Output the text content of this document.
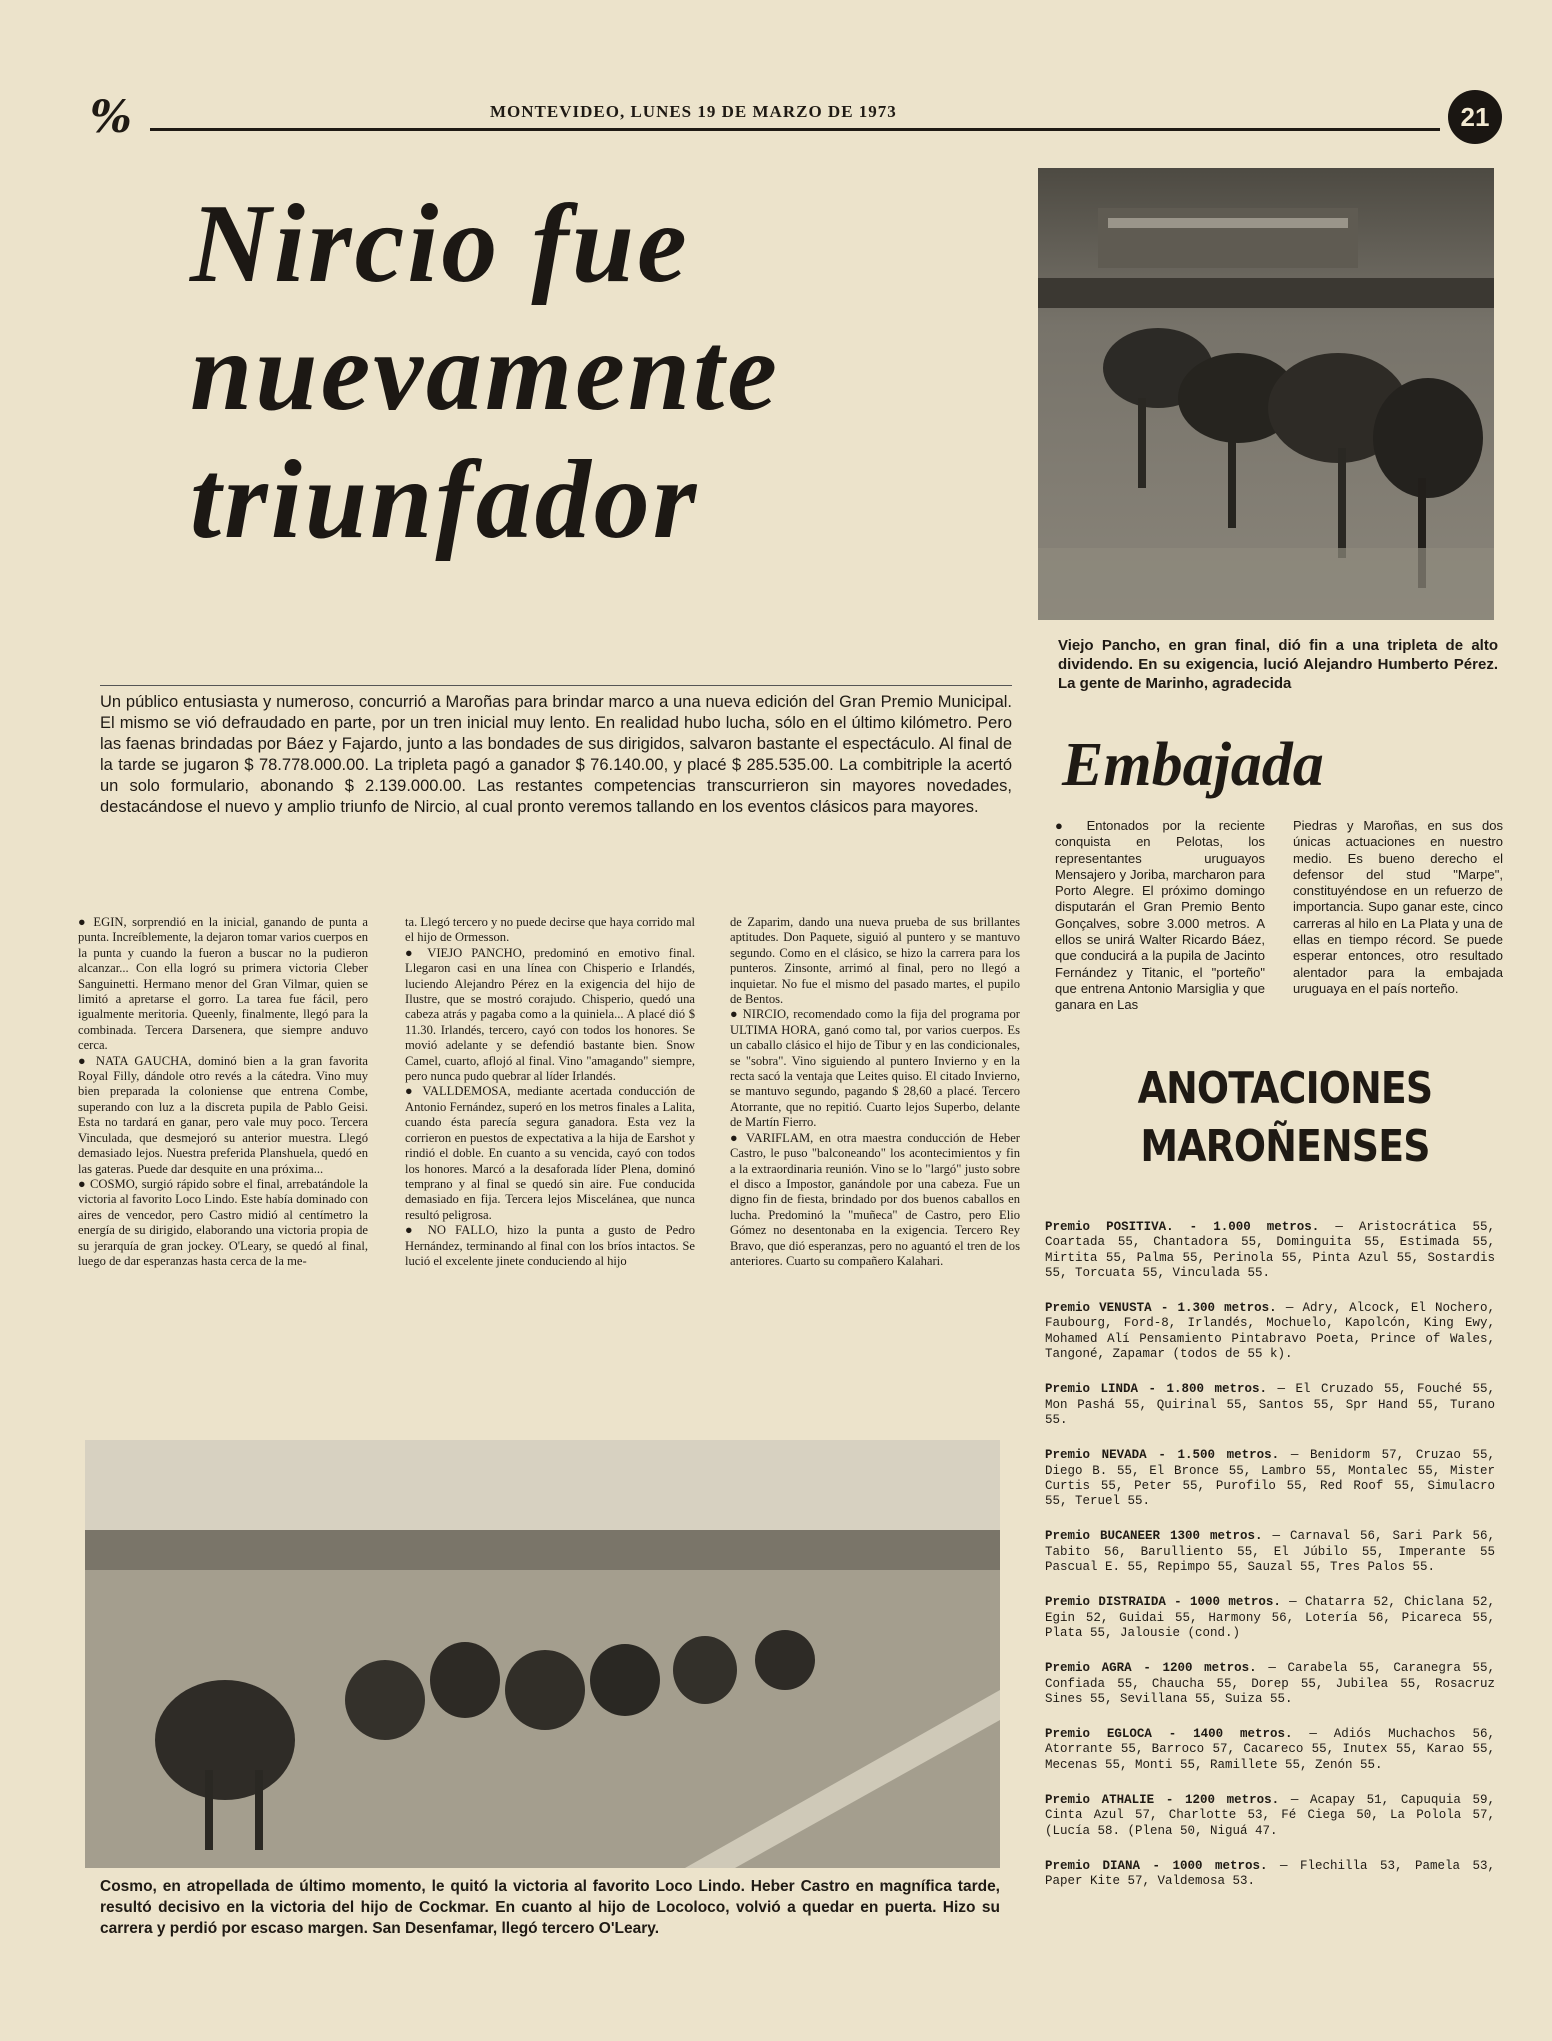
%	MONTEVIDEO, LUNES 19 DE MARZO DE 1973	21
Nircio fue
nuevamente
triunfador
Viejo Pancho, en gran final, dió fin a una tripleta de alto dividendo. En su exigencia, lució Alejandro Humberto Pérez. La gente de Marinho, agradecida
Un público entusiasta y numeroso, concurrió a Maroñas para brindar marco a una nueva edición del Gran Premio Municipal. El mismo se vió defraudado en parte, por un tren inicial muy lento. En realidad hubo lucha, sólo en el último kilómetro. Pero las faenas brindadas por Báez y Fajardo, junto a las bondades de sus dirigidos, salvaron bastante el espectáculo. Al final de la tarde se jugaron $ 78.778.000.00. La tripleta pagó a ganador $ 76.140.00, y placé $ 285.535.00. La combitriple la acertó un solo formulario, abonando $ 2.139.000.00. Las restantes competencias transcurrieron sin mayores novedades, destacándose el nuevo y amplio triunfo de Nircio, al cual pronto veremos tallando en los eventos clásicos para mayores.

● EGIN, sorprendió en la inicial, ganando de punta a punta. Increíblemente, la dejaron tomar varios cuerpos en la punta y cuando la fueron a buscar no la pudieron alcanzar... Con ella logró su primera victoria Cleber Sanguinetti. Hermano menor del Gran Vilmar, quien se limitó a apretarse el gorro. La tarea fue fácil, pero igualmente meritoria. Queenly, finalmente, llegó para la combinada. Tercera Darsenera, que siempre anduvo cerca.

● NATA GAUCHA, dominó bien a la gran favorita Royal Filly, dándole otro revés a la cátedra. Vino muy bien preparada la coloniense que entrena Combe, superando con luz a la discreta pupila de Pablo Geisi. Esta no tardará en ganar, pero vale muy poco. Tercera Vinculada, que desmejoró su anterior muestra. Llegó demasiado lejos. Nuestra preferida Planshuela, quedó en las gateras. Puede dar desquite en una próxima...

● COSMO, surgió rápido sobre el final, arrebatándole la victoria al favorito Loco Lindo. Este había dominado con aires de vencedor, pero Castro midió al centímetro la energía de su dirigido, elaborando una victoria propia de su jerarquía de gran jockey. O'Leary, se quedó al final, luego de dar esperanzas hasta cerca de la me-

ta. Llegó tercero y no puede decirse que haya corrido mal el hijo de Ormesson.

● VIEJO PANCHO, predominó en emotivo final. Llegaron casi en una línea con Chisperio e Irlandés, luciendo Alejandro Pérez en la exigencia del hijo de Ilustre, que se mostró corajudo. Chisperio, quedó una cabeza atrás y pagaba como a la quiniela... A placé dió $ 11.30. Irlandés, tercero, cayó con todos los honores. Se movió adelante y se defendió bastante bien. Snow Camel, cuarto, aflojó al final. Vino "amagando" siempre, pero nunca pudo quebrar al líder Irlandés.

● VALLDEMOSA, mediante acertada conducción de Antonio Fernández, superó en los metros finales a Lalita, cuando ésta parecía segura ganadora. Esta vez la corrieron en puestos de expectativa a la hija de Earshot y rindió el doble. En cuanto a su vencida, cayó con todos los honores. Marcó a la desaforada líder Plena, dominó temprano y al final se quedó sin aire. Fue conducida demasiado en fija. Tercera lejos Miscelánea, que nunca resultó peligrosa.

● NO FALLO, hizo la punta a gusto de Pedro Hernández, terminando al final con los bríos intactos. Se lució el excelente jinete conduciendo al hijo

de Zaparim, dando una nueva prueba de sus brillantes aptitudes. Don Paquete, siguió al puntero y se mantuvo segundo. Como en el clásico, se hizo la carrera para los punteros. Zinsonte, arrimó al final, pero no llegó a inquietar. No fue el mismo del pasado martes, el pupilo de Bentos.

● NIRCIO, recomendado como la fija del programa por ULTIMA HORA, ganó como tal, por varios cuerpos. Es un caballo clásico el hijo de Tibur y en las condicionales, se "sobra". Vino siguiendo al puntero Invierno y en la recta sacó la ventaja que Leites quiso. El citado Invierno, se mantuvo segundo, pagando $ 28,60 a placé. Tercero Atorrante, que no repitió. Cuarto lejos Superbo, delante de Martín Fierro.

● VARIFLAM, en otra maestra conducción de Heber Castro, le puso "balconeando" los acontecimientos y fin a la extraordinaria reunión. Vino se lo "largó" justo sobre el disco a Impostor, ganándole por una cabeza. Fue un digno fin de fiesta, brindado por dos buenos caballos en lucha. Predominó la "muñeca" de Castro, pero Elio Gómez no desentonaba en la exigencia. Tercero Rey Bravo, que dió esperanzas, pero no aguantó el tren de los anteriores. Cuarto su compañero Kalahari.

Cosmo, en atropellada de último momento, le quitó la victoria al favorito Loco Lindo. Heber Castro en magnífica tarde, resultó decisivo en la victoria del hijo de Cockmar. En cuanto al hijo de Locoloco, volvió a quedar en puerta. Hizo su carrera y perdió por escaso margen. San Desenfamar, llegó tercero O'Leary.
Embajada
● Entonados por la reciente conquista en Pelotas, los representantes uruguayos Mensajero y Joriba, marcharon para Porto Alegre. El próximo domingo disputarán el Gran Premio Bento Gonçalves, sobre 3.000 metros. A ellos se unirá Walter Ricardo Báez, que conducirá a la pupila de Jacinto Fernández y Titanic, el "porteño" que entrena Antonio Marsiglia y que ganara en Las
Piedras y Maroñas, en sus dos únicas actuaciones en nuestro medio. Es bueno derecho el defensor del stud "Marpe", constituyéndose en un refuerzo de importancia. Supo ganar este, cinco carreras al hilo en La Plata y una de ellas en tiempo récord. Se puede esperar entonces, otro resultado alentador para la embajada uruguaya en el país norteño.
ANOTACIONES
MAROÑENSES
Premio POSITIVA. - 1.000 metros. — Aristocrática 55, Coartada 55, Chantadora 55, Dominguita 55, Estimada 55, Mirtita 55, Palma 55, Perinola 55, Pinta Azul 55, Sostardis 55, Torcuata 55, Vinculada 55.
Premio VENUSTA - 1.300 metros. — Adry, Alcock, El Nochero, Faubourg, Ford-8, Irlandés, Mochuelo, Kapolcón, King Ewy, Mohamed Alí Pensamiento Pintabravo Poeta, Prince of Wales, Tangoné, Zapamar (todos de 55 k).
Premio LINDA - 1.800 metros. — El Cruzado 55, Fouché 55, Mon Pashá 55, Quirinal 55, Santos 55, Spr Hand 55, Turano 55.
Premio NEVADA - 1.500 metros. — Benidorm 57, Cruzao 55, Diego B. 55, El Bronce 55, Lambro 55, Montalec 55, Mister Curtis 55, Peter 55, Purofilo 55, Red Roof 55, Simulacro 55, Teruel 55.
Premio BUCANEER 1300 metros. — Carnaval 56, Sari Park 56, Tabito 56, Barulliento 55, El Júbilo 55, Imperante 55 Pascual E. 55, Repimpo 55, Sauzal 55, Tres Palos 55.
Premio DISTRAIDA - 1000 metros. — Chatarra 52, Chiclana 52, Egin 52, Guidai 55, Harmony 56, Lotería 56, Picareca 55, Plata 55, Jalousie (cond.)
Premio AGRA - 1200 metros. — Carabela 55, Caranegra 55, Confiada 55, Chaucha 55, Dorep 55, Jubilea 55, Rosacruz Sines 55, Sevillana 55, Suiza 55.
Premio EGLOCA - 1400 metros. — Adiós Muchachos 56, Atorrante 55, Barroco 57, Cacareco 55, Inutex 55, Karao 55, Mecenas 55, Monti 55, Ramillete 55, Zenón 55.
Premio ATHALIE - 1200 metros. — Acapay 51, Capuquia 59, Cinta Azul 57, Charlotte 53, Fé Ciega 50, La Polola 57, (Lucía 58. (Plena 50, Niguá 47.
Premio DIANA - 1000 metros. — Flechilla 53, Pamela 53, Paper Kite 57, Valdemosa 53.
